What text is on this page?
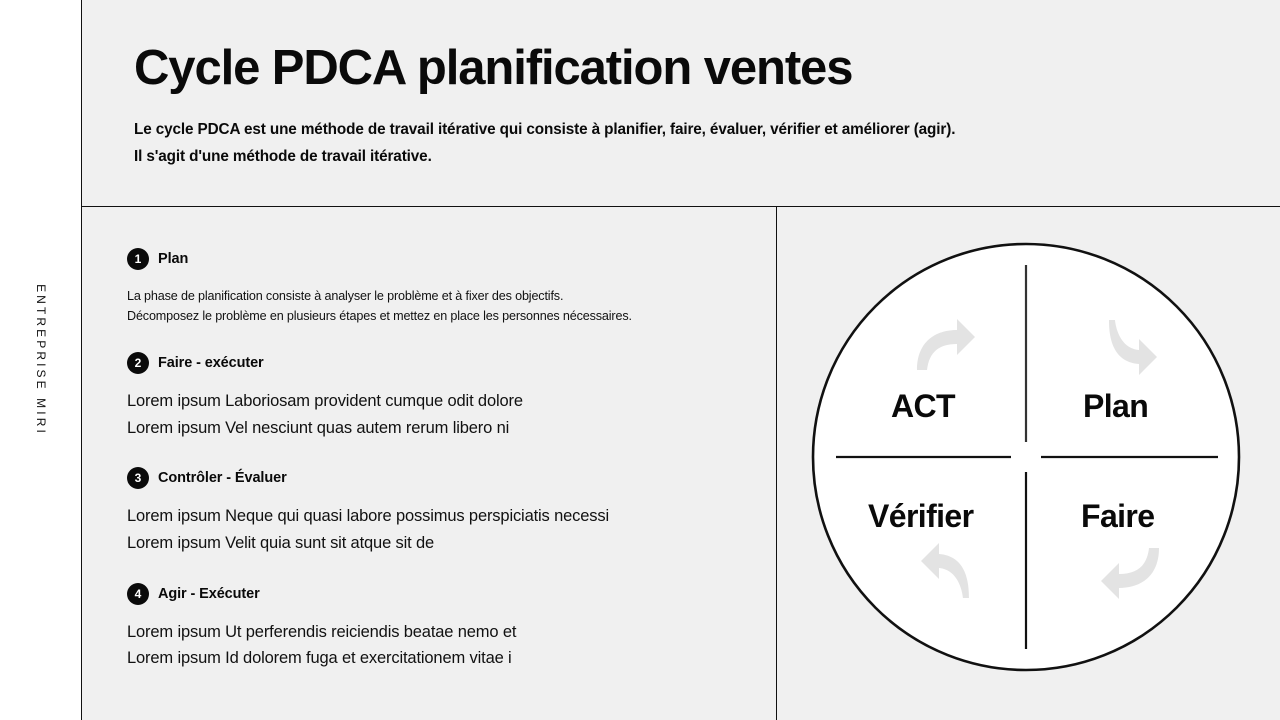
ENTREPRISE MIRI
Cycle PDCA planification ventes

Le cycle PDCA est une méthode de travail itérative qui consiste à planifier, faire, évaluer, vérifier et améliorer (agir).
Il s'agit d'une méthode de travail itérative.

1	Plan

La phase de planification consiste à analyser le problème et à fixer des objectifs.
Décomposez le problème en plusieurs étapes et mettez en place les personnes nécessaires.

2	Faire - exécuter

Lorem ipsum Laboriosam provident cumque odit dolore
Lorem ipsum Vel nesciunt quas autem rerum libero ni

3	Contrôler - Évaluer

Lorem ipsum Neque qui quasi labore possimus perspiciatis necessi
Lorem ipsum Velit quia sunt sit atque sit de

4	Agir - Exécuter

Lorem ipsum Ut perferendis reiciendis beatae nemo et
Lorem ipsum Id dolorem fuga et exercitationem vitae i

ACT	Plan
Vérifier	Faire
